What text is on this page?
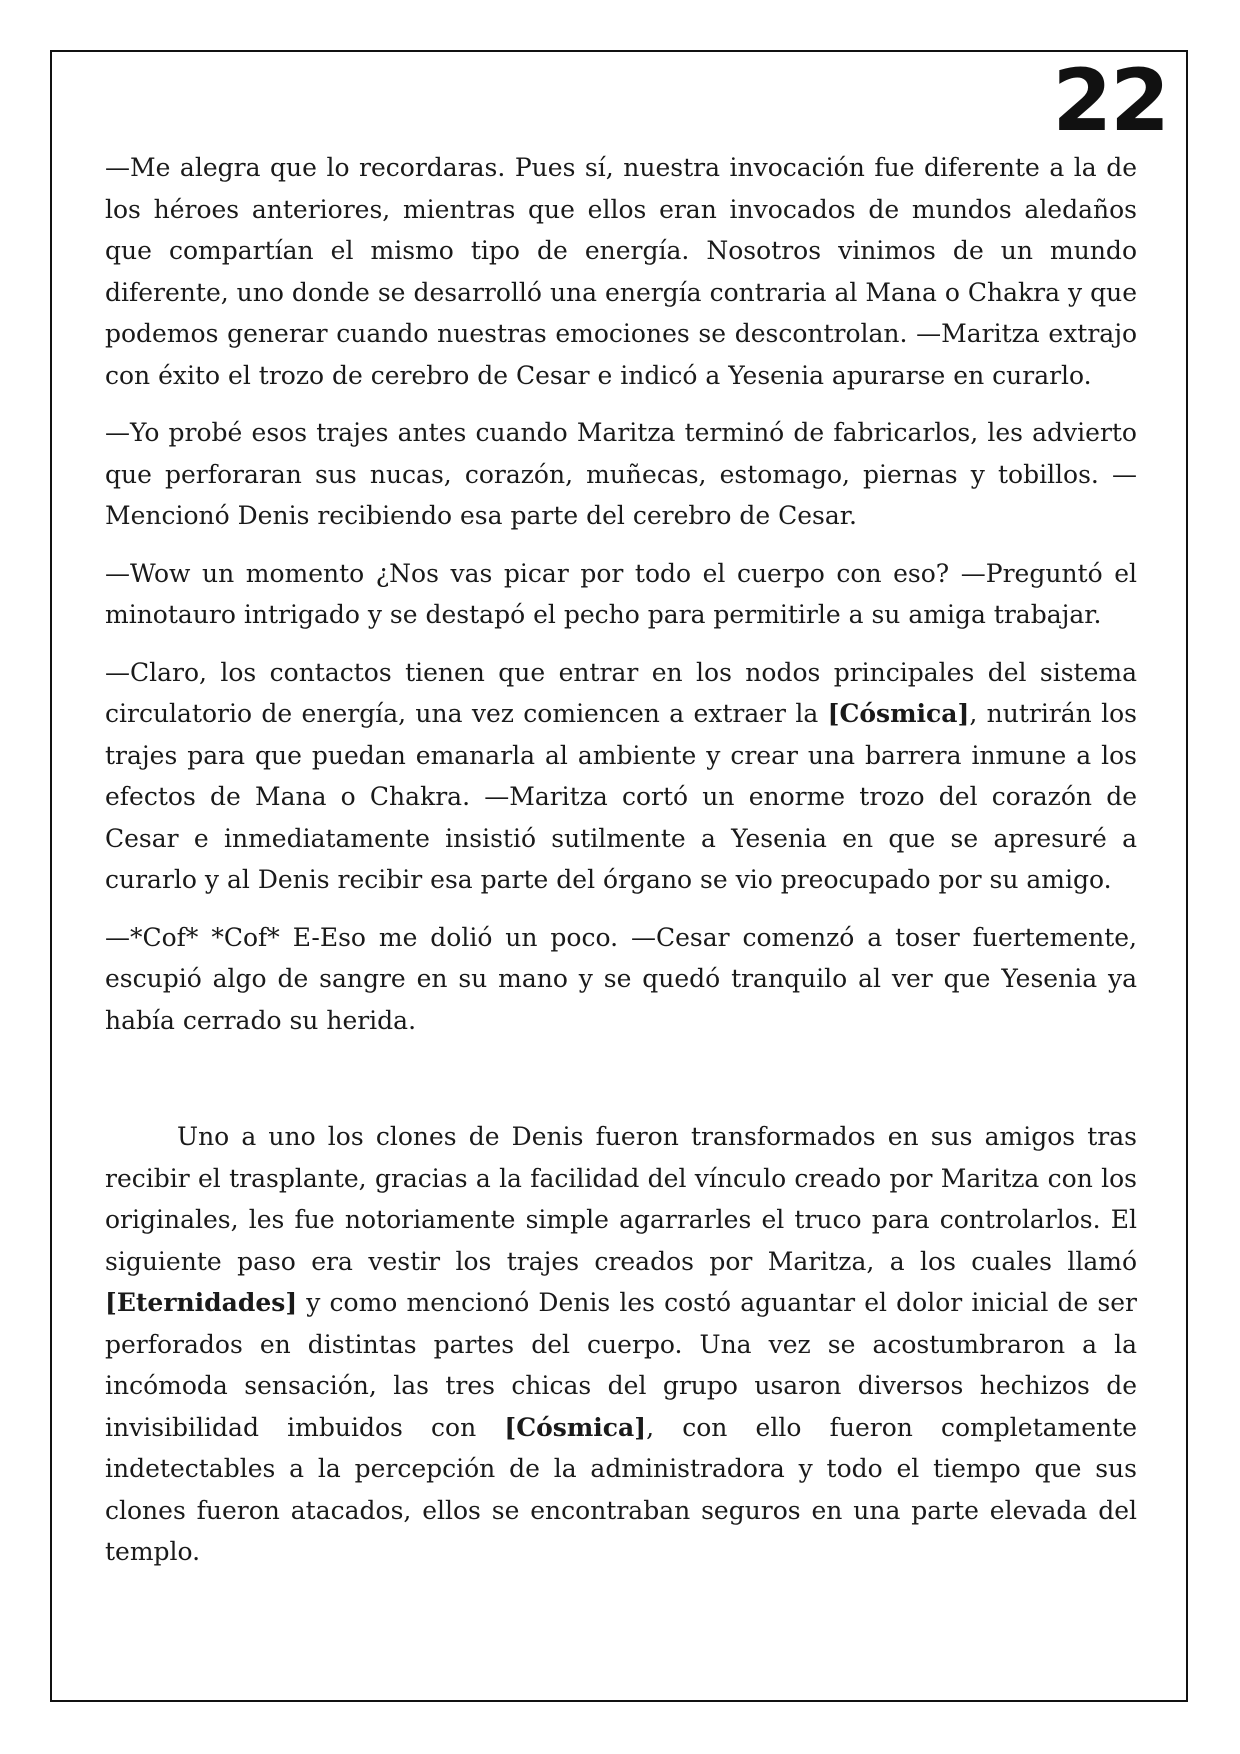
22

—Me alegra que lo recordaras. Pues sí, nuestra invocación fue diferente a la de los héroes anteriores, mientras que ellos eran invocados de mundos aledaños que compartían el mismo tipo de energía. Nosotros vinimos de un mundo diferente, uno donde se desarrolló una energía contraria al Mana o Chakra y que podemos generar cuando nuestras emociones se descontrolan. —Maritza extrajo con éxito el trozo de cerebro de Cesar e indicó a Yesenia apurarse en curarlo.

—Yo probé esos trajes antes cuando Maritza terminó de fabricarlos, les advierto que perforaran sus nucas, corazón, muñecas, estomago, piernas y tobillos. —Mencionó Denis recibiendo esa parte del cerebro de Cesar.

—Wow un momento ¿Nos vas picar por todo el cuerpo con eso? —Preguntó el minotauro intrigado y se destapó el pecho para permitirle a su amiga trabajar.

—Claro, los contactos tienen que entrar en los nodos principales del sistema circulatorio de energía, una vez comiencen a extraer la [Cósmica], nutrirán los trajes para que puedan emanarla al ambiente y crear una barrera inmune a los efectos de Mana o Chakra. —Maritza cortó un enorme trozo del corazón de Cesar e inmediatamente insistió sutilmente a Yesenia en que se apresuré a curarlo y al Denis recibir esa parte del órgano se vio preocupado por su amigo.

—*Cof* *Cof* E-Eso me dolió un poco. —Cesar comenzó a toser fuertemente, escupió algo de sangre en su mano y se quedó tranquilo al ver que Yesenia ya había cerrado su herida.

Uno a uno los clones de Denis fueron transformados en sus amigos tras recibir el trasplante, gracias a la facilidad del vínculo creado por Maritza con los originales, les fue notoriamente simple agarrarles el truco para controlarlos. El siguiente paso era vestir los trajes creados por Maritza, a los cuales llamó [Eternidades] y como mencionó Denis les costó aguantar el dolor inicial de ser perforados en distintas partes del cuerpo. Una vez se acostumbraron a la incómoda sensación, las tres chicas del grupo usaron diversos hechizos de invisibilidad imbuidos con [Cósmica], con ello fueron completamente indetectables a la percepción de la administradora y todo el tiempo que sus clones fueron atacados, ellos se encontraban seguros en una parte elevada del templo.
